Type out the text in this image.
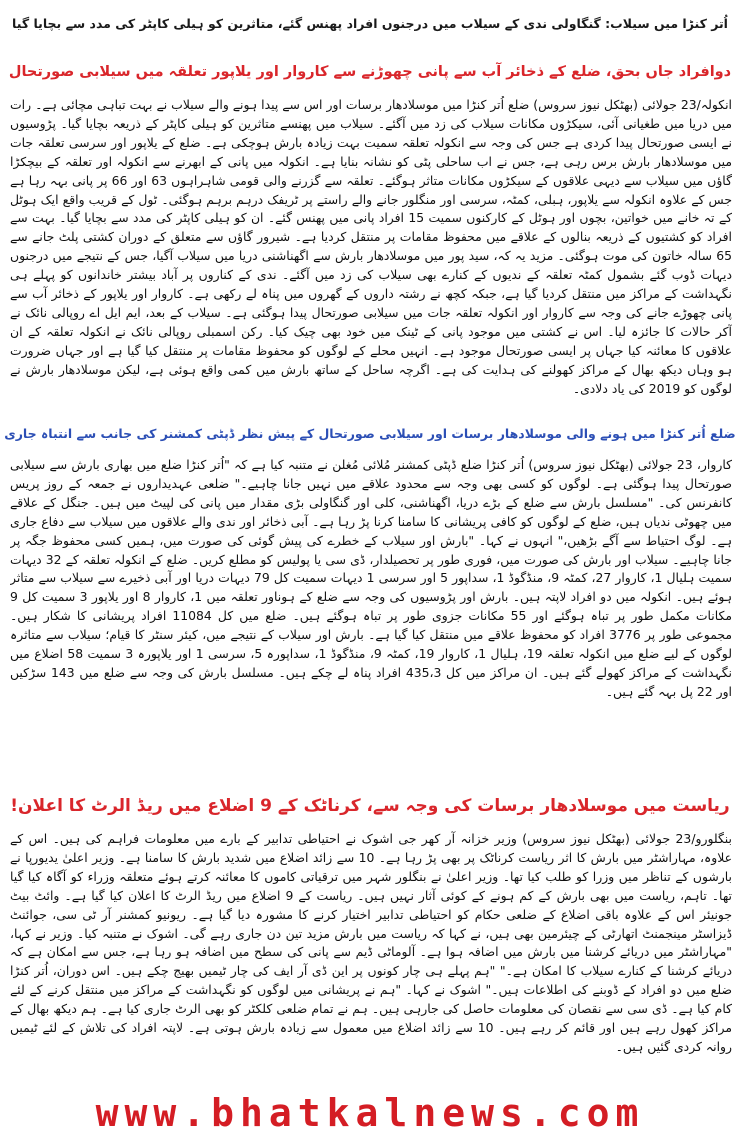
اُتر کنڑا میں سیلاب: گنگاولی ندی کے سیلاب میں درجنوں افراد پھنس گئے، متاثرین کو ہیلی کاپٹر کی مدد سے بچایا گیا
دوافراد جاں بحق، ضلع کے ذخائر آب سے پانی چھوڑنے سے کاروار اور یلاپور تعلقہ میں سیلابی صورتحال

انکولہ/23 جولائی (بھٹکل نیوز سروس) ضلع اُتر کنڑا میں موسلادھار برسات اور اس سے پیدا ہونے والے سیلاب نے بہت تباہی مچائی ہے۔ رات میں دریا میں طغیانی آئی، سیکڑوں مکانات سیلاب کی زد میں آگئے۔ سیلاب میں پھنسے متاثرین کو ہیلی کاپٹر کے ذریعہ بچایا گیا۔ پڑوسیوں نے ایسی صورتحال پیدا کردی ہے جس کی وجہ سے انکولہ تعلقہ سمیت بہت زیادہ بارش ہوچکی ہے۔ ضلع کے یلاپور اور سرسی تعلقہ جات میں موسلادھار بارش برس رہی ہے، جس نے اب ساحلی پٹی کو نشانہ بنایا ہے۔ انکولہ میں پانی کے ابھرنے سے انکولہ اور تعلقہ کے بیچکڑا گاؤں میں سیلاب سے دیہی علاقوں کے سیکڑوں مکانات متاثر ہوگئے۔ تعلقہ سے گزرنے والی قومی شاہراہوں 63 اور 66 پر پانی بہہ رہا ہے جس کے علاوہ انکولہ سے یلاپور، ہبلی، کمٹہ، سرسی اور منگلور جانے والے راستے پر ٹریفک درہم برہم ہوگئی۔ ٹول کے قریب واقع ایک ہوٹل کے تہ خانے میں خواتین، بچوں اور ہوٹل کے کارکنوں سمیت 15 افراد پانی میں پھنس گئے۔ ان کو ہیلی کاپٹر کی مدد سے بچایا گیا۔ بہت سے افراد کو کشتیوں کے ذریعہ بنالوں کے علاقے میں محفوظ مقامات پر منتقل کردیا ہے۔ شیرور گاؤں سے متعلق کے دوران کشتی پلٹ جانے سے 65 سالہ خاتون کی موت ہوگئی۔ مزید یہ کہ، سید پور میں موسلادھار بارش سے اگھناشنی دریا میں سیلاب آگیا، جس کے نتیجے میں درجنوں دیہات ڈوب گئے بشمول کمٹہ تعلقہ کے ندیوں کے کنارے بھی سیلاب کی زد میں آگئے۔ ندی کے کناروں پر آباد بیشتر خاندانوں کو پہلے ہی نگہداشت کے مراکز میں منتقل کردیا گیا ہے، جبکہ کچھ نے رشتہ داروں کے گھروں میں پناہ لے رکھی ہے۔ کاروار اور یلاپور کے ذخائر آب سے پانی چھوڑے جانے کی وجہ سے کاروار اور انکولہ تعلقہ جات میں سیلابی صورتحال پیدا ہوگئی ہے۔ سیلاب کے بعد، ایم ایل اے روپالی نائک نے آکر حالات کا جائزہ لیا۔ اس نے کشتی میں موجود پانی کے ٹینک میں خود بھی چیک کیا۔ رکن اسمبلی روپالی نائک نے انکولہ تعلقہ کے ان علاقوں کا معائنہ کیا جہاں پر ایسی صورتحال موجود ہے۔ انہیں محلے کے لوگوں کو محفوظ مقامات پر منتقل کیا گیا ہے اور جہاں ضرورت ہو وہاں دیکھ بھال کے مراکز کھولنے کی ہدایت کی ہے۔ اگرچہ ساحل کے ساتھ بارش میں کمی واقع ہوئی ہے، لیکن موسلادھار بارش نے لوگوں کو 2019 کی یاد دلادی۔

ضلع اُتر کنڑا میں ہونے والی موسلادھار برسات اور سیلابی صورتحال کے پیش نظر ڈپٹی کمشنر کی جانب سے انتباہ جاری

کاروار، 23 جولائی (بھٹکل نیوز سروس) اُتر کنڑا ضلع ڈپٹی کمشنر مُلائی مُغلن نے متنبہ کیا ہے کہ "اُتر کنڑا ضلع میں بھاری بارش سے سیلابی صورتحال پیدا ہوگئی ہے۔ لوگوں کو کسی بھی وجہ سے محدود علاقے میں نہیں جانا چاہیے۔" ضلعی عہدیداروں نے جمعہ کے روز پریس کانفرنس کی۔ "مسلسل بارش سے ضلع کے بڑے دریا، اگھناشنی، کلی اور گنگاولی بڑی مقدار میں پانی کی لپیٹ میں ہیں۔ جنگل کے علاقے میں چھوٹی ندیاں ہیں، ضلع کے لوگوں کو کافی پریشانی کا سامنا کرنا پڑ رہا ہے۔ آبی ذخائر اور ندی والے علاقوں میں سیلاب سے دفاع جاری ہے۔ لوگ احتیاط سے آگے بڑھیں،" انہوں نے کہا۔ "بارش اور سیلاب کے خطرے کی پیش گوئی کی صورت میں، ہمیں کسی محفوظ جگہ پر جانا چاہیے۔ سیلاب اور بارش کی صورت میں، فوری طور پر تحصیلدار، ڈی سی یا پولیس کو مطلع کریں۔ ضلع کے انکولہ تعلقہ کے 32 دیہات سمیت ہلیال 1، کاروار 27، کمٹہ 9، منڈگوڈ 1، سداپور 5 اور سرسی 1 دیہات سمیت کل 79 دیہات دریا اور آبی ذخیرے سے سیلاب سے متاثر ہوئے ہیں۔ انکولہ میں دو افراد لاپتہ ہیں۔ بارش اور پڑوسیوں کی وجہ سے ضلع کے ہوناور تعلقہ میں 1، کاروار 8 اور یلاپور 3 سمیت کل 9 مکانات مکمل طور پر تباہ ہوگئے اور 55 مکانات جزوی طور پر تباہ ہوگئے ہیں۔ ضلع میں کل 11084 افراد پریشانی کا شکار ہیں۔ مجموعی طور پر 3776 افراد کو محفوظ علاقے میں منتقل کیا گیا ہے۔ بارش اور سیلاب کے نتیجے میں، کیئر سنٹر کا قیام؛ سیلاب سے متاثرہ لوگوں کے لیے ضلع میں انکولہ تعلقہ 19، ہلیال 1، کاروار 19، کمٹہ 9، منڈگوڈ 1، سداپورہ 5، سرسی 1 اور یلاپورہ 3 سمیت 58 اضلاع میں نگہداشت کے مراکز کھولے گئے ہیں۔ ان مراکز میں کل 435،3 افراد پناہ لے چکے ہیں۔ مسلسل بارش کی وجہ سے ضلع میں 143 سڑکیں اور 22 پل بہہ گئے ہیں۔

ریاست میں موسلادھار برسات کی وجہ سے، کرناٹک کے 9 اضلاع میں ریڈ الرٹ کا اعلان!

بنگلورو/23 جولائی (بھٹکل نیوز سروس) وزیر خزانہ آر کھر جی اشوک نے احتیاطی تدابیر کے بارے میں معلومات فراہم کی ہیں۔ اس کے علاوہ، مہاراشٹر میں بارش کا اثر ریاست کرناٹک پر بھی پڑ رہا ہے۔ 10 سے زائد اضلاع میں شدید بارش کا سامنا ہے۔ وزیر اعلیٰ یدیورپا نے بارشوں کے تناظر میں وزرا کو طلب کیا تھا۔ وزیر اعلیٰ نے بنگلور شہر میں ترقیاتی کاموں کا معائنہ کرتے ہوئے متعلقہ وزراء کو آگاہ کیا گیا تھا۔ تاہم، ریاست میں بھی بارش کے کم ہونے کے کوئی آثار نہیں ہیں۔ ریاست کے 9 اضلاع میں ریڈ الرٹ کا اعلان کیا گیا ہے۔ وائٹ بیٹ جونیئر اس کے علاوہ باقی اضلاع کے ضلعی حکام کو احتیاطی تدابیر اختیار کرنے کا مشورہ دیا گیا ہے۔ ریونیو کمشنر آر ٹی سی، جوائنٹ ڈیزاسٹر مینجمنٹ اتھارٹی کے چیئرمین بھی ہیں، نے کہا کہ ریاست میں بارش مزید تین دن جاری رہے گی۔ اشوک نے متنبہ کیا۔ وزیر نے کہا، "مہاراشٹر میں دریائے کرشنا میں بارش میں اضافہ ہوا ہے۔ آلوماٹی ڈیم سے پانی کی سطح میں اضافہ ہو رہا ہے، جس سے امکان ہے کہ دریائے کرشنا کے کنارے سیلاب کا امکان ہے۔" "ہم پہلے ہی چار کونوں پر این ڈی آر ایف کی چار ٹیمیں بھیج چکے ہیں۔ اس دوران، اُتر کنڑا ضلع میں دو افراد کے ڈوبنے کی اطلاعات ہیں۔" اشوک نے کہا۔ "ہم نے پریشانی میں لوگوں کو نگہداشت کے مراکز میں منتقل کرنے کے لئے کام کیا ہے۔ ڈی سی سے نقصان کی معلومات حاصل کی جارہی ہیں۔ ہم نے تمام ضلعی کلکٹر کو بھی الرٹ جاری کیا ہے۔ ہم دیکھ بھال کے مراکز کھول رہے ہیں اور قائم کر رہے ہیں۔ 10 سے زائد اضلاع میں معمول سے زیادہ بارش ہوتی ہے۔ لاپتہ افراد کی تلاش کے لئے ٹیمیں روانہ کردی گئیں ہیں۔

www.bhatkalnews.com
